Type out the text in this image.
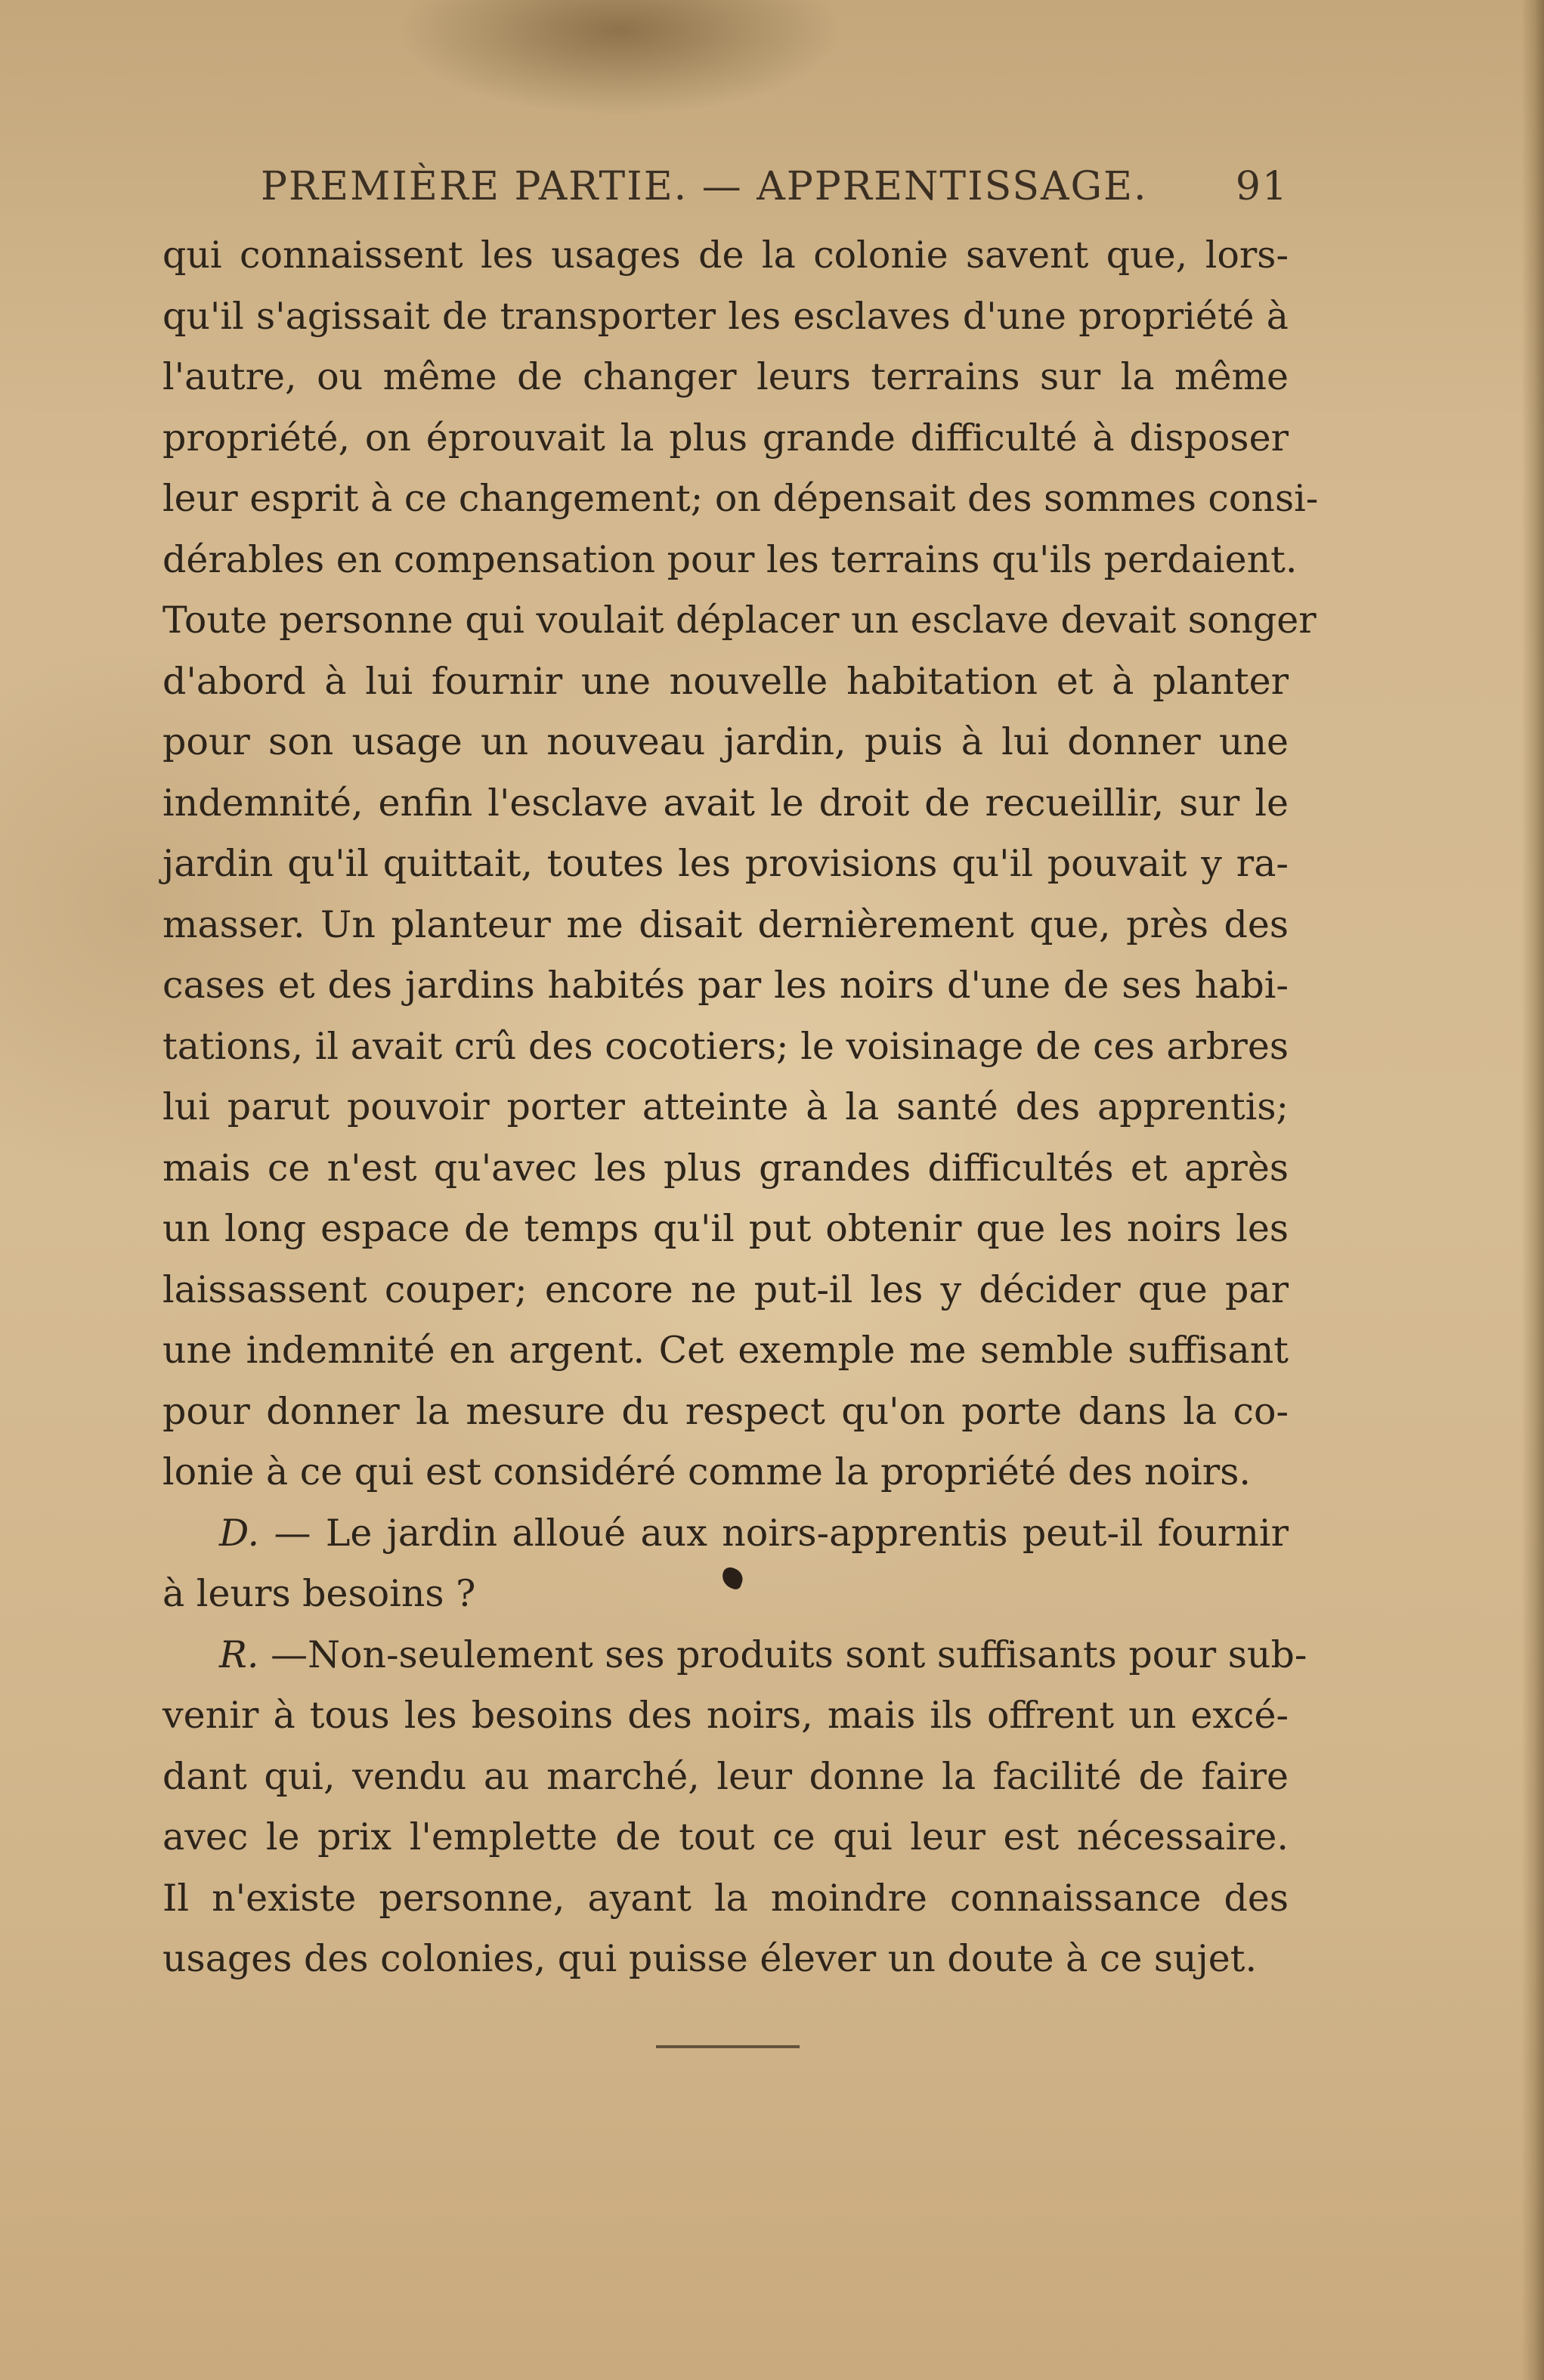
PREMIÈRE PARTIE. — APPRENTISSAGE. 91
qui connaissent les usages de la colonie savent que, lors-
qu'il s'agissait de transporter les esclaves d'une propriété à
l'autre, ou même de changer leurs terrains sur la même
propriété, on éprouvait la plus grande difficulté à disposer
leur esprit à ce changement; on dépensait des sommes consi-
dérables en compensation pour les terrains qu'ils perdaient.
Toute personne qui voulait déplacer un esclave devait songer
d'abord à lui fournir une nouvelle habitation et à planter
pour son usage un nouveau jardin, puis à lui donner une
indemnité, enfin l'esclave avait le droit de recueillir, sur le
jardin qu'il quittait, toutes les provisions qu'il pouvait y ra-
masser. Un planteur me disait dernièrement que, près des
cases et des jardins habités par les noirs d'une de ses habi-
tations, il avait crû des cocotiers; le voisinage de ces arbres
lui parut pouvoir porter atteinte à la santé des apprentis;
mais ce n'est qu'avec les plus grandes difficultés et après
un long espace de temps qu'il put obtenir que les noirs les
laissassent couper; encore ne put-il les y décider que par
une indemnité en argent. Cet exemple me semble suffisant
pour donner la mesure du respect qu'on porte dans la co-
lonie à ce qui est considéré comme la propriété des noirs.
D. — Le jardin alloué aux noirs-apprentis peut-il fournir
à leurs besoins ?
R. —Non-seulement ses produits sont suffisants pour sub-
venir à tous les besoins des noirs, mais ils offrent un excé-
dant qui, vendu au marché, leur donne la facilité de faire
avec le prix l'emplette de tout ce qui leur est nécessaire.
Il n'existe personne, ayant la moindre connaissance des
usages des colonies, qui puisse élever un doute à ce sujet.
